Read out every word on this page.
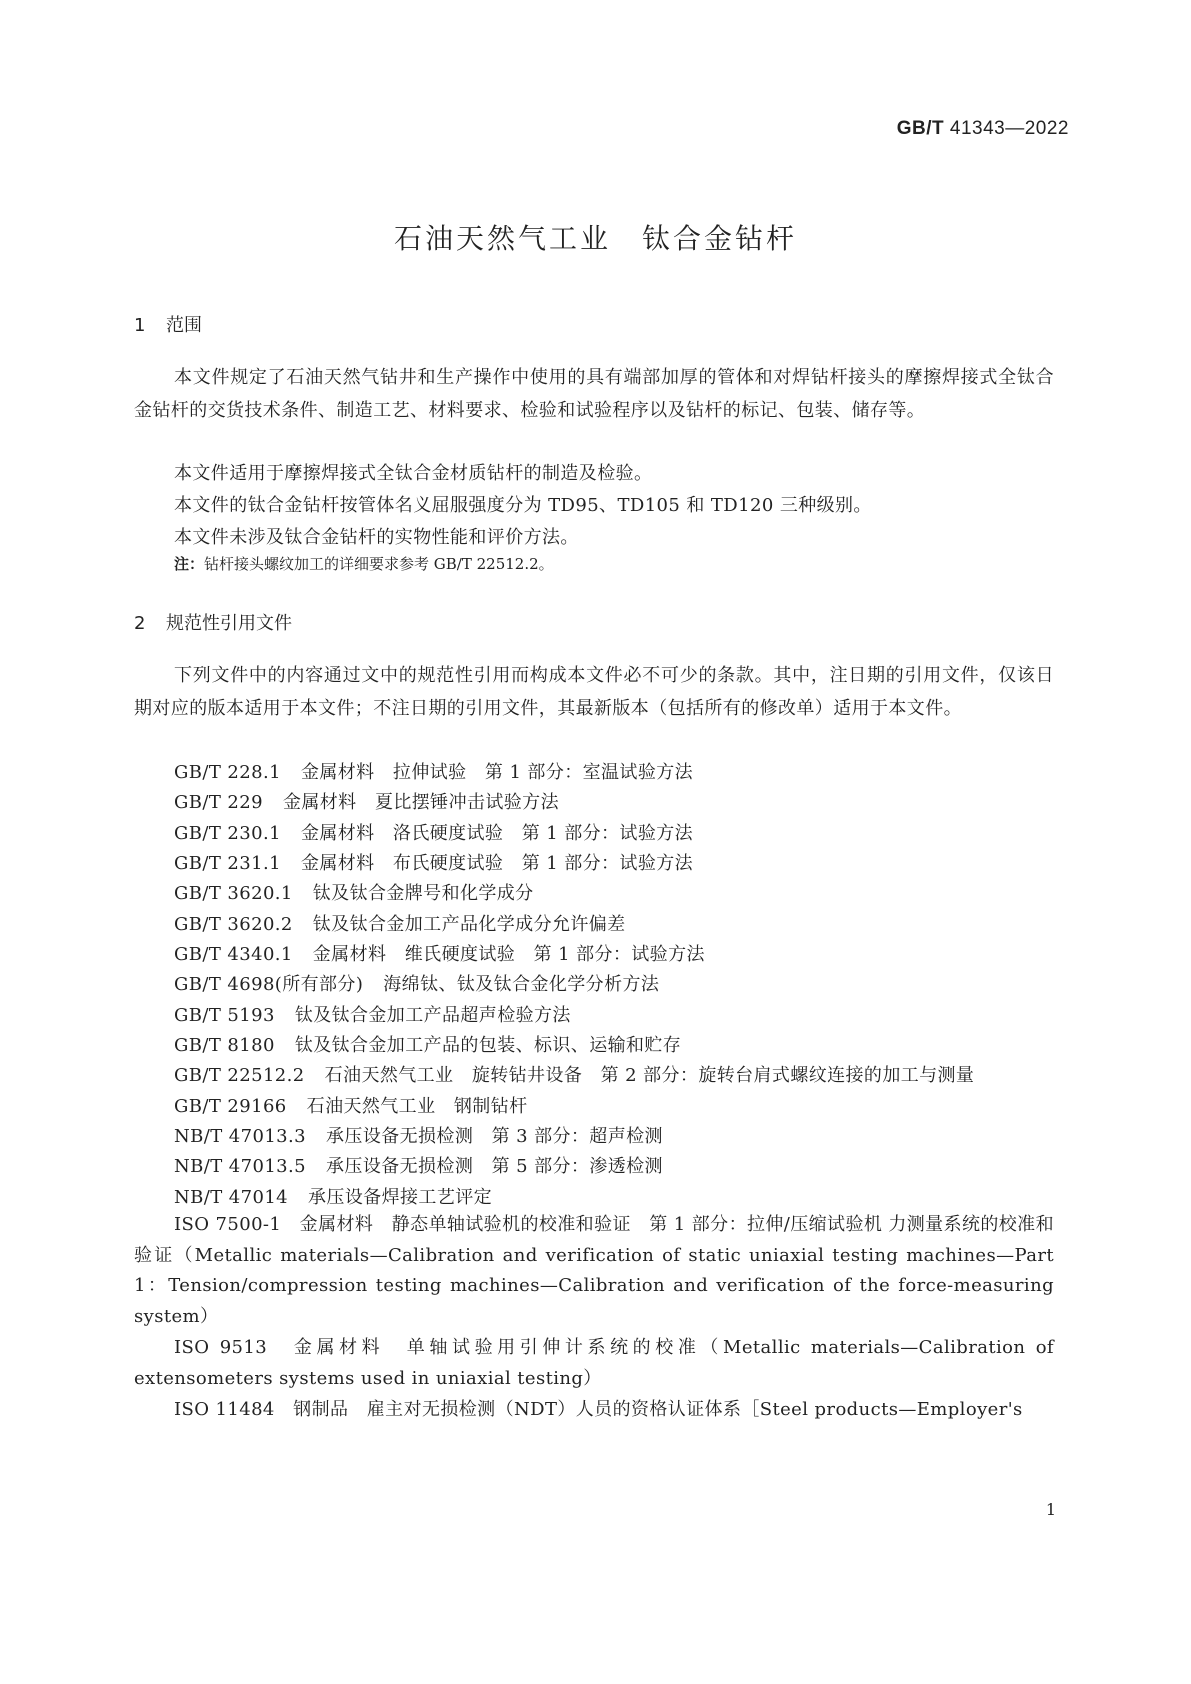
GB/T 41343—2022
石油天然气工业　钛合金钻杆
1 范围
本文件规定了石油天然气钻井和生产操作中使用的具有端部加厚的管体和对焊钻杆接头的摩擦焊接式全钛合金钻杆的交货技术条件、制造工艺、材料要求、检验和试验程序以及钻杆的标记、包装、储存等。
本文件适用于摩擦焊接式全钛合金材质钻杆的制造及检验。
本文件的钛合金钻杆按管体名义屈服强度分为 TD95、TD105 和 TD120 三种级别。
本文件未涉及钛合金钻杆的实物性能和评价方法。
注：钻杆接头螺纹加工的详细要求参考 GB/T 22512.2。
2 规范性引用文件
下列文件中的内容通过文中的规范性引用而构成本文件必不可少的条款。其中，注日期的引用文件，仅该日期对应的版本适用于本文件；不注日期的引用文件，其最新版本（包括所有的修改单）适用于本文件。
GB/T 228.1 金属材料　拉伸试验　第 1 部分：室温试验方法
GB/T 229 金属材料　夏比摆锤冲击试验方法
GB/T 230.1 金属材料　洛氏硬度试验　第 1 部分：试验方法
GB/T 231.1 金属材料　布氏硬度试验　第 1 部分：试验方法
GB/T 3620.1 钛及钛合金牌号和化学成分
GB/T 3620.2 钛及钛合金加工产品化学成分允许偏差
GB/T 4340.1 金属材料　维氏硬度试验　第 1 部分：试验方法
GB/T 4698(所有部分) 海绵钛、钛及钛合金化学分析方法
GB/T 5193 钛及钛合金加工产品超声检验方法
GB/T 8180 钛及钛合金加工产品的包装、标识、运输和贮存
GB/T 22512.2 石油天然气工业　旋转钻井设备　第 2 部分：旋转台肩式螺纹连接的加工与测量
GB/T 29166 石油天然气工业　钢制钻杆
NB/T 47013.3 承压设备无损检测　第 3 部分：超声检测
NB/T 47013.5 承压设备无损检测　第 5 部分：渗透检测
NB/T 47014 承压设备焊接工艺评定
ISO 7500-1　金属材料　静态单轴试验机的校准和验证　第 1 部分：拉伸/压缩试验机 力测量系统的校准和验证（Metallic materials—Calibration and verification of static uniaxial testing machines—Part 1：Tension/compression testing machines—Calibration and verification of the force-measuring system）
ISO 9513　金属材料　单轴试验用引伸计系统的校准（Metallic materials—Calibration of extensometers systems used in uniaxial testing）
ISO 11484　钢制品　雇主对无损检测（NDT）人员的资格认证体系［Steel products—Employer's
1
